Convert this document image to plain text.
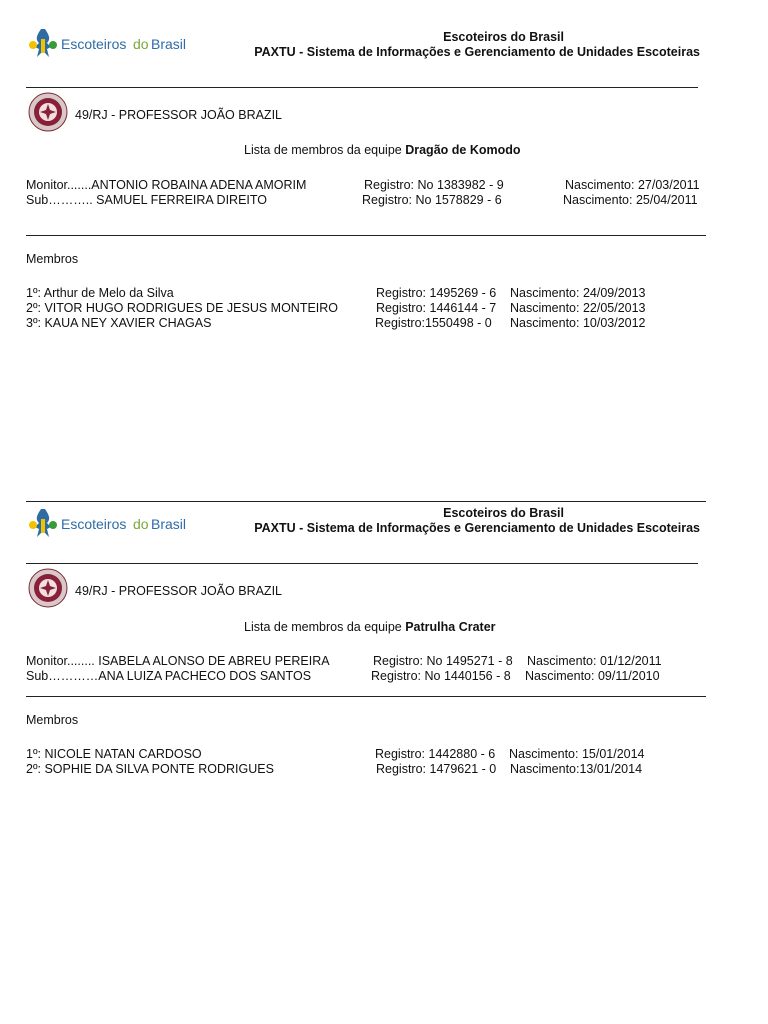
Escoteiros do Brasil	Escoteiros do Brasil
PAXTU - Sistema de Informações e Gerenciamento de Unidades Escoteiras
49/RJ - PROFESSOR JOÃO BRAZIL
Lista de membros da equipe Dragão de Komodo
Monitor.......ANTONIO ROBAINA ADENA AMORIM	Registro: No 1383982 - 9	Nascimento: 27/03/2011
Sub……….. SAMUEL FERREIRA DIREITO	Registro: No 1578829 - 6	Nascimento: 25/04/2011
Membros
1º: Arthur de Melo da Silva	Registro: 1495269 - 6 Nascimento: 24/09/2013
2º: VITOR HUGO RODRIGUES DE JESUS MONTEIRO	Registro: 1446144 - 7 Nascimento: 22/05/2013
3º: KAUA NEY XAVIER CHAGAS	Registro:1550498 - 0 Nascimento: 10/03/2012
Escoteiros do Brasil
Escoteiros do Brasil
PAXTU - Sistema de Informações e Gerenciamento de Unidades Escoteiras
49/RJ - PROFESSOR JOÃO BRAZIL
Lista de membros da equipe Patrulha Crater
Monitor........ ISABELA ALONSO DE ABREU PEREIRA	Registro: No 1495271 - 8 Nascimento: 01/12/2011
Sub…………ANA LUIZA PACHECO DOS SANTOS	Registro: No 1440156 - 8 Nascimento: 09/11/2010
Membros
1º: NICOLE NATAN CARDOSO	Registro: 1442880 - 6 Nascimento: 15/01/2014
2º: SOPHIE DA SILVA PONTE RODRIGUES	Registro: 1479621 - 0 Nascimento:13/01/2014
